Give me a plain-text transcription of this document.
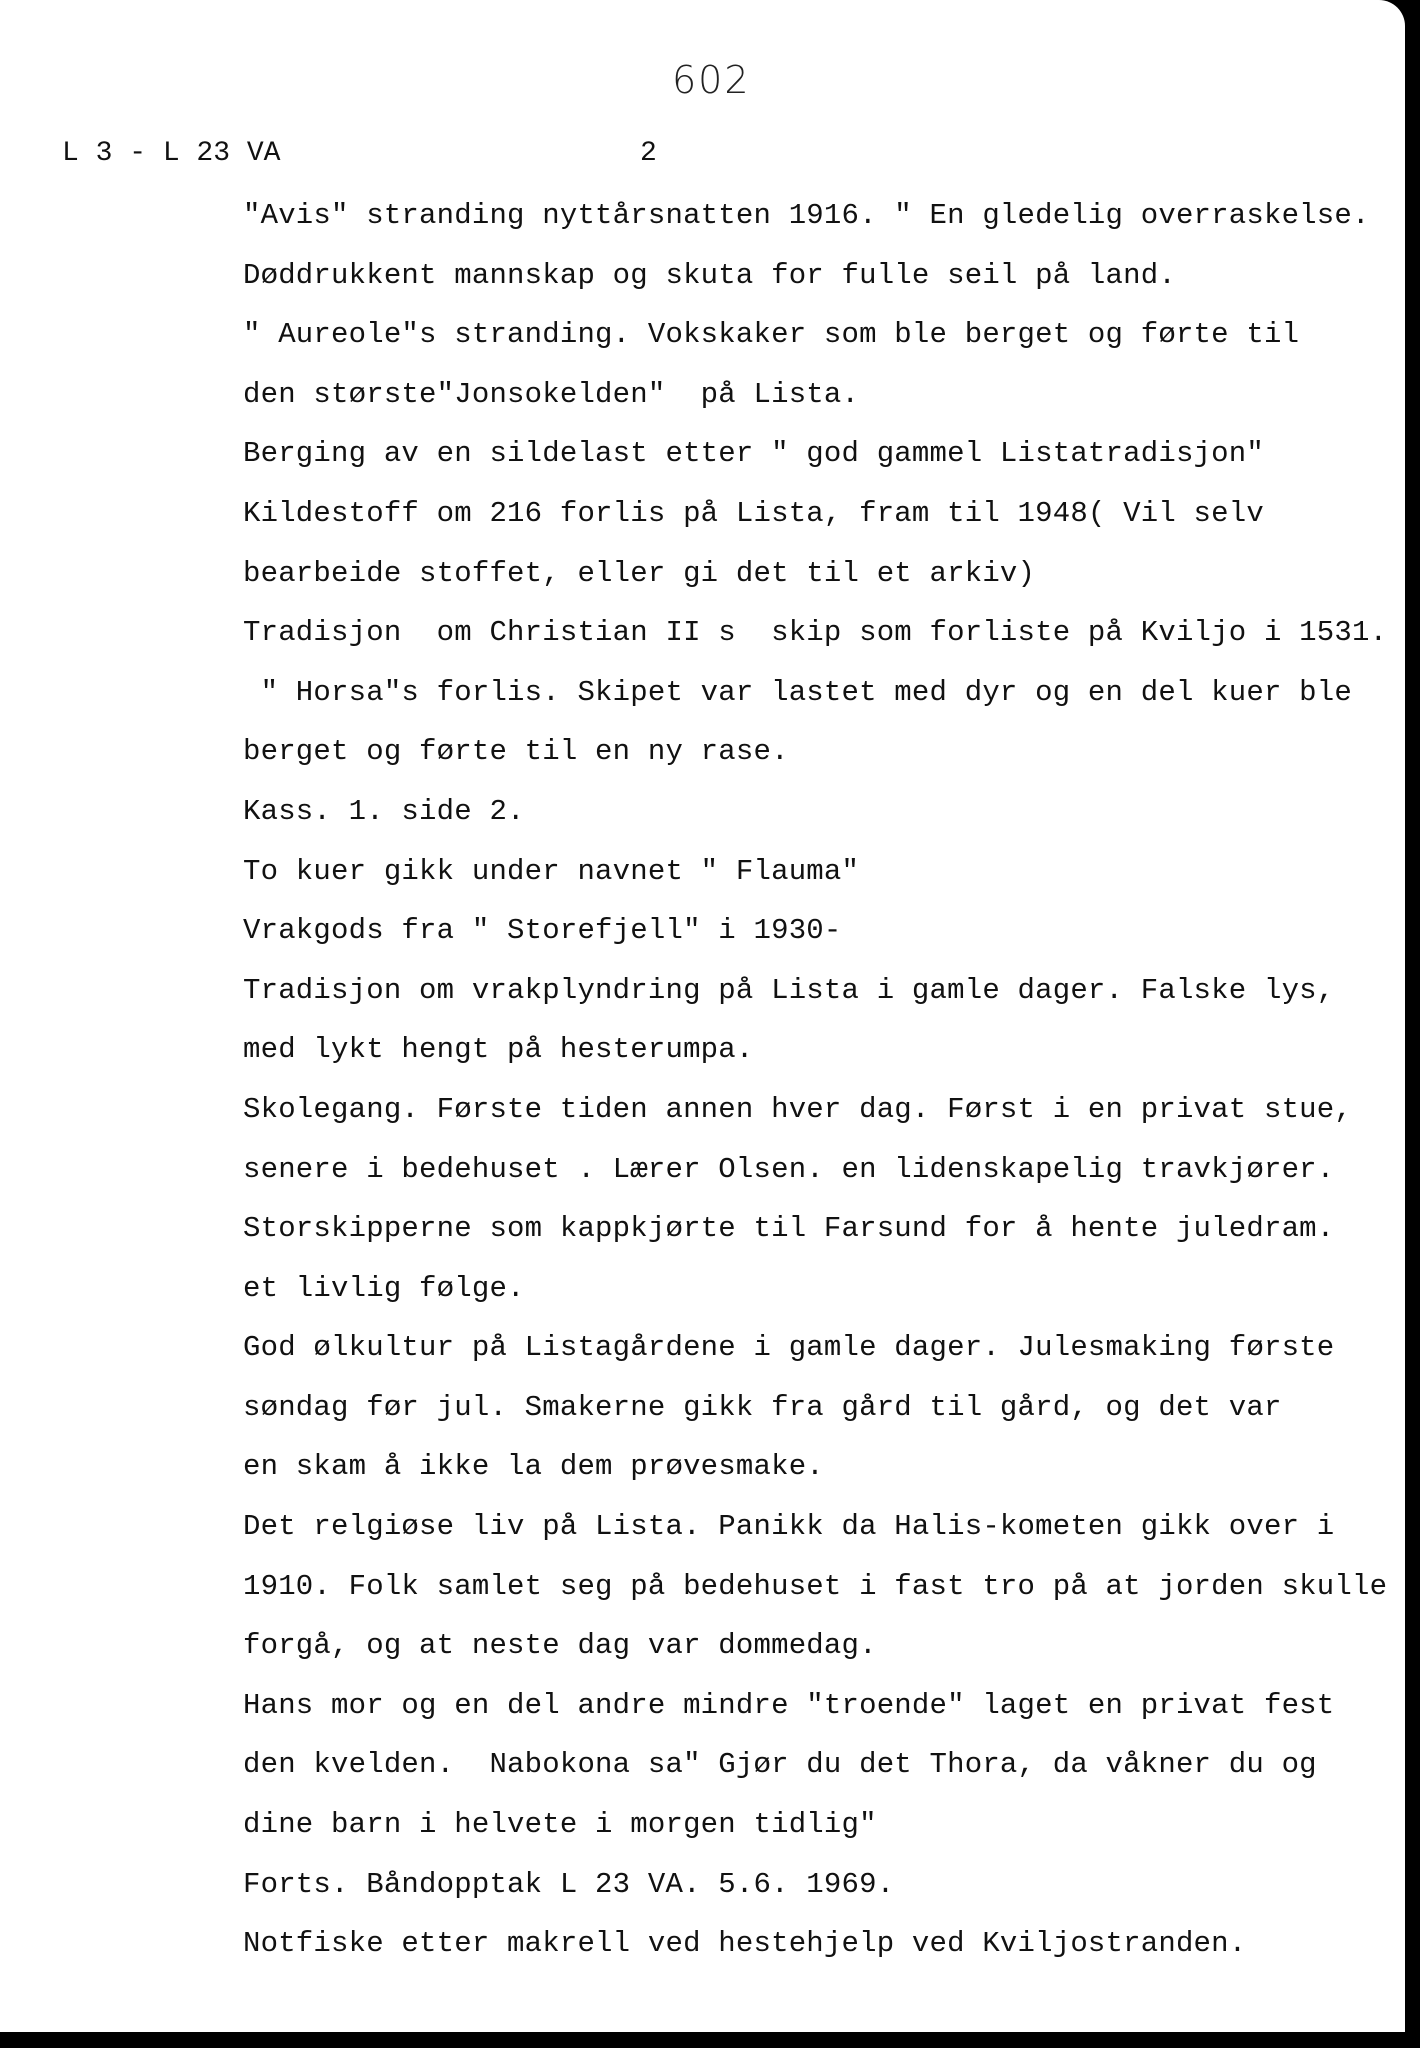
602
L 3 - L 23 VA	2
"Avis" stranding nyttårsnatten 1916. " En gledelig overraskelse.
Døddrukkent mannskap og skuta for fulle seil på land.
" Aureole"s stranding. Vokskaker som ble berget og førte til
den største"Jonsokelden"  på Lista.
Berging av en sildelast etter " god gammel Listatradisjon"
Kildestoff om 216 forlis på Lista, fram til 1948( Vil selv
bearbeide stoffet, eller gi det til et arkiv)
Tradisjon  om Christian II s  skip som forliste på Kviljo i 1531.
" Horsa"s forlis. Skipet var lastet med dyr og en del kuer ble
berget og førte til en ny rase.
Kass. 1. side 2.
To kuer gikk under navnet " Flauma"
Vrakgods fra " Storefjell" i 1930-
Tradisjon om vrakplyndring på Lista i gamle dager. Falske lys,
med lykt hengt på hesterumpa.
Skolegang. Første tiden annen hver dag. Først i en privat stue,
senere i bedehuset . Lærer Olsen. en lidenskapelig travkjører.
Storskipperne som kappkjørte til Farsund for å hente juledram.
et livlig følge.
God ølkultur på Listagårdene i gamle dager. Julesmaking første
søndag før jul. Smakerne gikk fra gård til gård, og det var
en skam å ikke la dem prøvesmake.
Det relgiøse liv på Lista. Panikk da Halis-kometen gikk over i
1910. Folk samlet seg på bedehuset i fast tro på at jorden skulle
forgå, og at neste dag var dommedag.
Hans mor og en del andre mindre "troende" laget en privat fest
den kvelden.  Nabokona sa" Gjør du det Thora, da våkner du og
dine barn i helvete i morgen tidlig"
Forts. Båndopptak L 23 VA. 5.6. 1969.
Notfiske etter makrell ved hestehjelp ved Kviljostranden.
